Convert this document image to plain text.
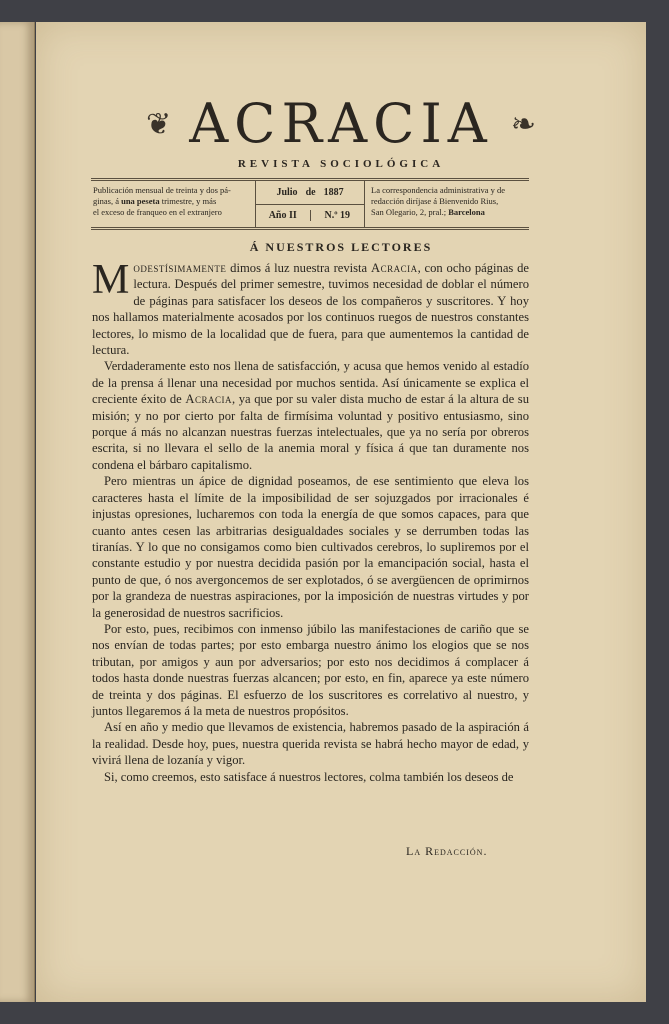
❦ ACRACIA ❧
REVISTA SOCIOLÓGICA
Publicación mensual de treinta y dos pá-
ginas, á una peseta trimestre, y más
el exceso de franqueo en el extranjero
Julio de 1887
Año II	N.º 19
La correspondencia administrativa y de
redacción diríjase á Bienvenido Rius,
San Olegario, 2, pral.; Barcelona
Á NUESTROS LECTORES

Modestísimamente dimos á luz nuestra revista Acracia, con ocho páginas de lectura. Después del primer semestre, tuvimos necesidad de doblar el número de páginas para satisfacer los deseos de los compañeros y suscritores. Y hoy nos hallamos materialmente acosados por los continuos ruegos de nuestros constantes lectores, lo mismo de la localidad que de fuera, para que aumentemos la cantidad de lectura.

Verdaderamente esto nos llena de satisfacción, y acusa que hemos venido al estadío de la prensa á llenar una necesidad por muchos sentida. Así únicamente se explica el creciente éxito de Acracia, ya que por su valer dista mucho de estar á la altura de su misión; y no por cierto por falta de firmísima voluntad y positivo entusiasmo, sino porque á más no alcanzan nuestras fuerzas intelectuales, que ya no sería por obreros escrita, si no llevara el sello de la anemia moral y física á que tan duramente nos condena el bárbaro capitalismo.

Pero mientras un ápice de dignidad poseamos, de ese sentimiento que eleva los caracteres hasta el límite de la imposibilidad de ser sojuzgados por irracionales é injustas opresiones, lucharemos con toda la energía de que somos capaces, para que cuanto antes cesen las arbitrarias desigualdades sociales y se derrumben todas las tiranías. Y lo que no consigamos como bien cultivados cerebros, lo supliremos por el constante estudio y por nuestra decidida pasión por la emancipación social, hasta el punto de que, ó nos avergoncemos de ser explotados, ó se avergüencen de oprimirnos por la grandeza de nuestras aspiraciones, por la imposición de nuestras virtudes y por la generosidad de nuestros sacrificios.

Por esto, pues, recibimos con inmenso júbilo las manifestaciones de cariño que se nos envían de todas partes; por esto embarga nuestro ánimo los elogios que se nos tributan, por amigos y aun por adversarios; por esto nos decidimos á complacer á todos hasta donde nuestras fuerzas alcancen; por esto, en fin, aparece ya este número de treinta y dos páginas. El esfuerzo de los suscritores es correlativo al nuestro, y juntos llegaremos á la meta de nuestros propósitos.

Así en año y medio que llevamos de existencia, habremos pasado de la aspiración á la realidad. Desde hoy, pues, nuestra querida revista se habrá hecho mayor de edad, y vivirá llena de lozanía y vigor.

Si, como creemos, esto satisface á nuestros lectores, colma también los deseos de

La Redacción.
